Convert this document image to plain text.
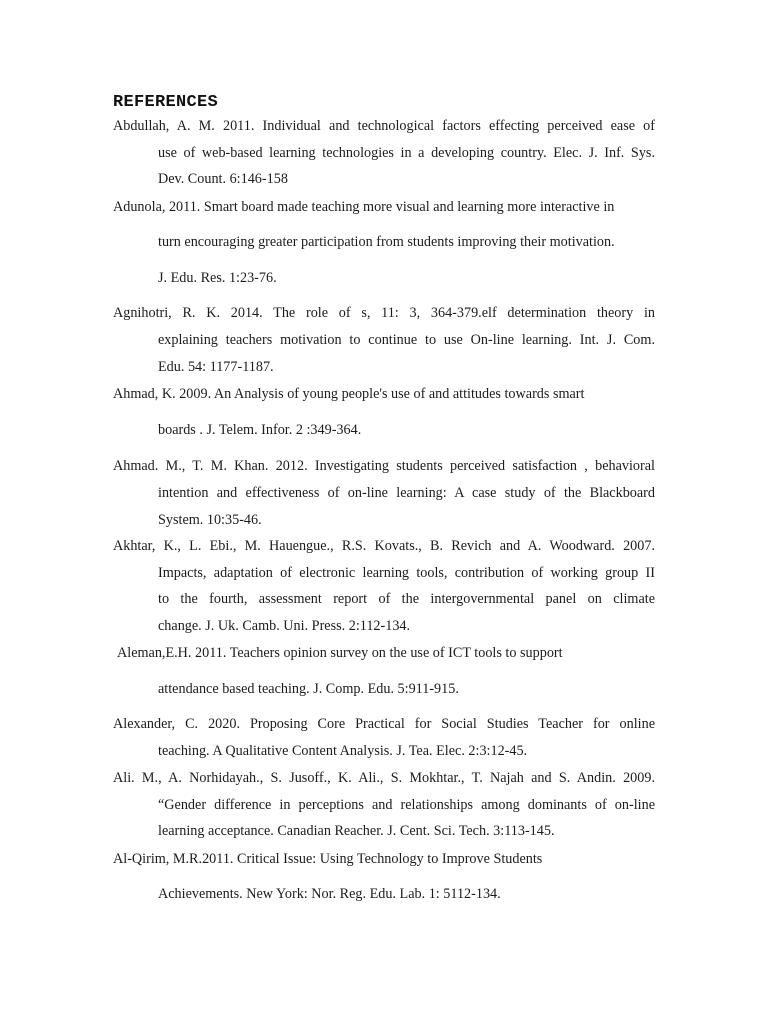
REFERENCES
Abdullah, A. M. 2011. Individual and technological factors effecting perceived ease of
use of web-based learning technologies in a developing country. Elec. J. Inf. Sys.
Dev. Count. 6:146-158
Adunola, 2011. Smart board made teaching more visual and learning more interactive in
turn encouraging greater participation from students improving their motivation.
J. Edu. Res. 1:23-76.
Agnihotri, R. K. 2014. The role of s, 11: 3, 364-379.elf determination theory in
explaining teachers motivation to continue to use On-line learning. Int. J. Com.
Edu. 54: 1177-1187.
Ahmad, K. 2009. An Analysis of young people's use of and attitudes towards smart
boards . J. Telem. Infor. 2 :349-364.
Ahmad. M., T. M. Khan. 2012. Investigating students perceived satisfaction , behavioral
intention and effectiveness of on-line learning: A case study of the Blackboard
System. 10:35-46.
Akhtar, K., L. Ebi., M. Hauengue., R.S. Kovats., B. Revich and A. Woodward. 2007.
Impacts, adaptation of electronic learning tools, contribution of working group II
to the fourth, assessment report of the intergovernmental panel on climate
change. J. Uk. Camb. Uni. Press. 2:112-134.
Aleman,E.H. 2011. Teachers opinion survey on the use of ICT tools to support
attendance based teaching. J. Comp. Edu. 5:911-915.
Alexander, C. 2020. Proposing Core Practical for Social Studies Teacher for online
teaching. A Qualitative Content Analysis. J. Tea. Elec. 2:3:12-45.
Ali. M., A. Norhidayah., S. Jusoff., K. Ali., S. Mokhtar., T. Najah and S. Andin. 2009.
“Gender difference in perceptions and relationships among dominants of on-line
learning acceptance. Canadian Reacher. J. Cent. Sci. Tech. 3:113-145.
Al-Qirim, M.R.2011. Critical Issue: Using Technology to Improve Students
Achievements. New York: Nor. Reg. Edu. Lab. 1: 5112-134.
